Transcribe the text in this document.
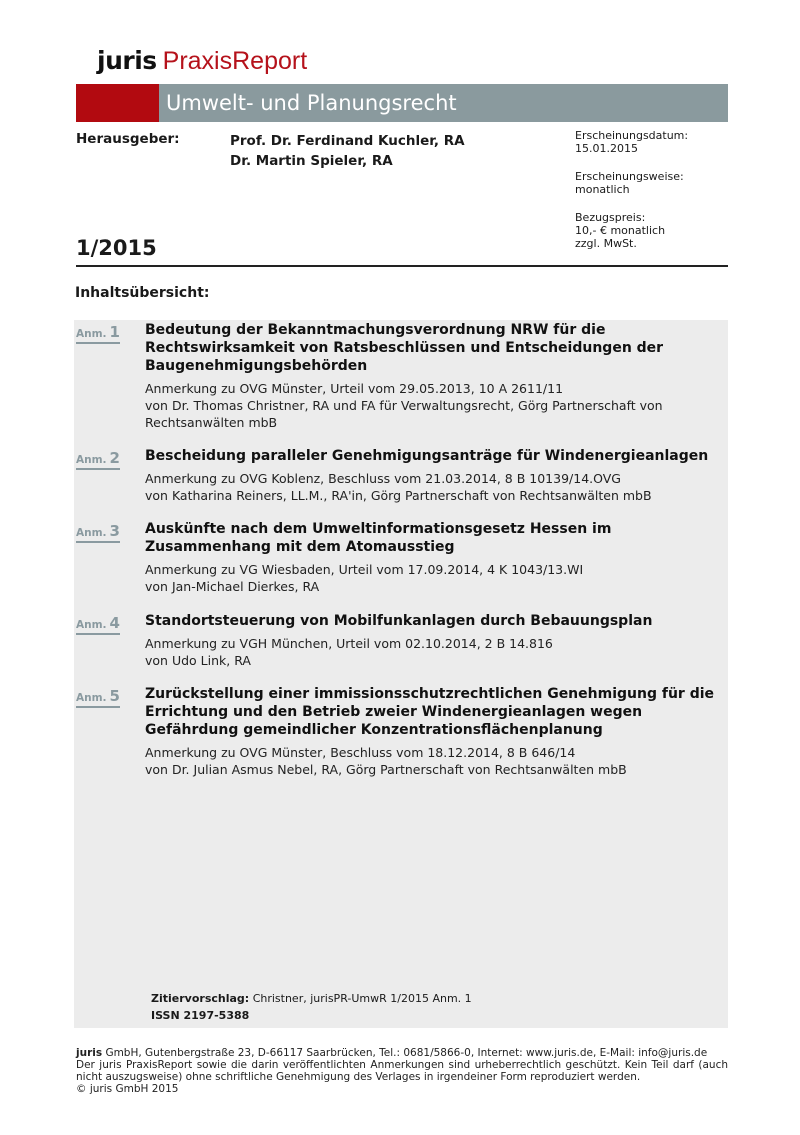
juris PraxisReport
Umwelt- und Planungsrecht
Herausgeber:	Prof. Dr. Ferdinand Kuchler, RA
Dr. Martin Spieler, RA
Erscheinungsdatum:
15.01.2015
Erscheinungsweise:
monatlich
Bezugspreis:
10,- € monatlich
zzgl. MwSt.
1/2015
Inhaltsübersicht:
Anm. 1 Bedeutung der Bekanntmachungsverordnung NRW für die Rechtswirksamkeit von Ratsbeschlüssen und Entscheidungen der Baugenehmigungsbehörden
Anmerkung zu OVG Münster, Urteil vom 29.05.2013, 10 A 2611/11
von Dr. Thomas Christner, RA und FA für Verwaltungsrecht, Görg Partnerschaft von Rechtsanwälten mbB
Anm. 2 Bescheidung paralleler Genehmigungsanträge für Windenergieanlagen
Anmerkung zu OVG Koblenz, Beschluss vom 21.03.2014, 8 B 10139/14.OVG
von Katharina Reiners, LL.M., RA'in, Görg Partnerschaft von Rechtsanwälten mbB
Anm. 3 Auskünfte nach dem Umweltinformationsgesetz Hessen im Zusammenhang mit dem Atomausstieg
Anmerkung zu VG Wiesbaden, Urteil vom 17.09.2014, 4 K 1043/13.WI
von Jan-Michael Dierkes, RA
Anm. 4 Standortsteuerung von Mobilfunkanlagen durch Bebauungsplan
Anmerkung zu VGH München, Urteil vom 02.10.2014, 2 B 14.816
von Udo Link, RA
Anm. 5 Zurückstellung einer immissionsschutzrechtlichen Genehmigung für die Errichtung und den Betrieb zweier Windenergieanlagen wegen Gefährdung gemeindlicher Konzentrationsflächenplanung
Anmerkung zu OVG Münster, Beschluss vom 18.12.2014, 8 B 646/14
von Dr. Julian Asmus Nebel, RA, Görg Partnerschaft von Rechtsanwälten mbB
Zitiervorschlag: Christner, jurisPR-UmwR 1/2015 Anm. 1
ISSN 2197-5388
juris GmbH, Gutenbergstraße 23, D-66117 Saarbrücken, Tel.: 0681/5866-0, Internet: www.juris.de, E-Mail: info@juris.de
Der juris PraxisReport sowie die darin veröffentlichten Anmerkungen sind urheberrechtlich geschützt. Kein Teil darf (auch nicht auszugsweise) ohne schriftliche Genehmigung des Verlages in irgendeiner Form reproduziert werden.
© juris GmbH 2015
